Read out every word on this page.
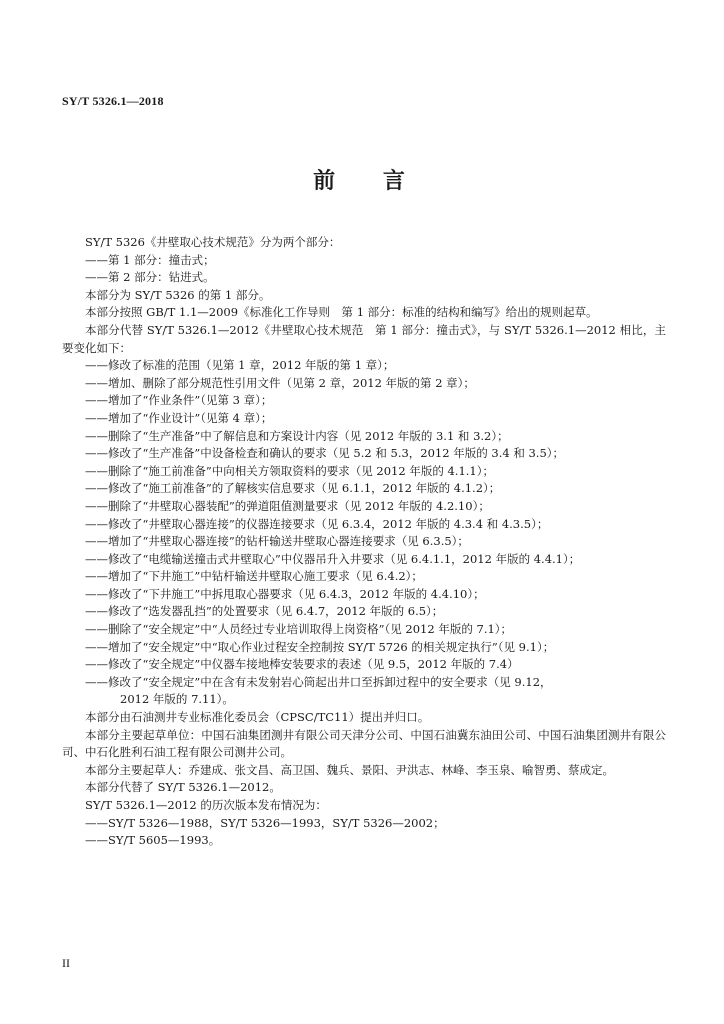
SY/T 5326.1—2018
前 言

SY/T 5326《井壁取心技术规范》分为两个部分：

——第 1 部分：撞击式；

——第 2 部分：钻进式。

本部分为 SY/T 5326 的第 1 部分。

本部分按照 GB/T 1.1—2009《标准化工作导则　第 1 部分：标准的结构和编写》给出的规则起草。

本部分代替 SY/T 5326.1—2012《井壁取心技术规范　第 1 部分：撞击式》，与 SY/T 5326.1—2012 相比，主要变化如下：

——修改了标准的范围（见第 1 章，2012 年版的第 1 章）；

——增加、删除了部分规范性引用文件（见第 2 章，2012 年版的第 2 章）；

——增加了“作业条件”（见第 3 章）；

——增加了“作业设计”（见第 4 章）；

——删除了“生产准备”中了解信息和方案设计内容（见 2012 年版的 3.1 和 3.2）；

——修改了“生产准备”中设备检查和确认的要求（见 5.2 和 5.3，2012 年版的 3.4 和 3.5）；

——删除了“施工前准备”中向相关方领取资料的要求（见 2012 年版的 4.1.1）；

——修改了“施工前准备”的了解核实信息要求（见 6.1.1，2012 年版的 4.1.2）；

——删除了“井壁取心器装配”的弹道阻值测量要求（见 2012 年版的 4.2.10）；

——修改了“井壁取心器连接”的仪器连接要求（见 6.3.4，2012 年版的 4.3.4 和 4.3.5）；

——增加了“井壁取心器连接”的钻杆输送井壁取心器连接要求（见 6.3.5）；

——修改了“电缆输送撞击式井壁取心”中仪器吊升入井要求（见 6.4.1.1，2012 年版的 4.4.1）；

——增加了“下井施工”中钻杆输送井壁取心施工要求（见 6.4.2）；

——修改了“下井施工”中拆甩取心器要求（见 6.4.3，2012 年版的 4.4.10）；

——修改了“选发器乱挡”的处置要求（见 6.4.7，2012 年版的 6.5）；

——删除了“安全规定”中“人员经过专业培训取得上岗资格”（见 2012 年版的 7.1）；

——增加了“安全规定”中“取心作业过程安全控制按 SY/T 5726 的相关规定执行”（见 9.1）；

——修改了“安全规定”中仪器车接地棒安装要求的表述（见 9.5，2012 年版的 7.4）

——修改了“安全规定”中在含有未发射岩心筒起出井口至拆卸过程中的安全要求（见 9.12，

2012 年版的 7.11）。

本部分由石油测井专业标准化委员会（CPSC/TC11）提出并归口。

本部分主要起草单位：中国石油集团测井有限公司天津分公司、中国石油冀东油田公司、中国石油集团测井有限公司、中石化胜利石油工程有限公司测井公司。

本部分主要起草人：乔建成、张文昌、高卫国、魏兵、景阳、尹洪志、林峰、李玉泉、喻智勇、蔡成定。

本部分代替了 SY/T 5326.1—2012。

SY/T 5326.1—2012 的历次版本发布情况为：

——SY/T 5326—1988，SY/T 5326—1993，SY/T 5326—2002；

——SY/T 5605—1993。

II
